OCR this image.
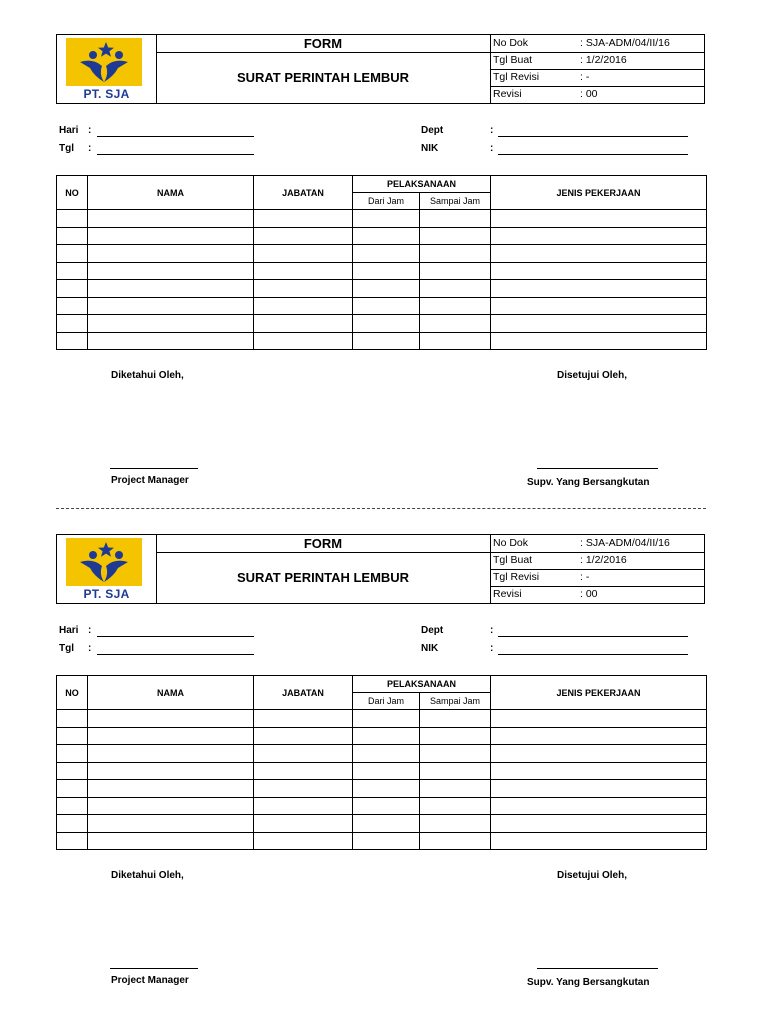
PT. SJA
FORM
SURAT PERINTAH LEMBUR
No Dok	: SJA-ADM/04/II/16
Tgl Buat	: 1/2/2016
Tgl Revisi	: -
Revisi	: 00
Hari :
Tgl :
Dept	:
NIK	:
NO	NAMA	JABATAN	PELAKSANAAN		JENIS PEKERJAAN
			Dari Jam	Sampai Jam	

Diketahui Oleh,	Disetujui Oleh,
Project Manager	Supv. Yang Bersangkutan
PT. SJA
FORM
SURAT PERINTAH LEMBUR
No Dok	: SJA-ADM/04/II/16
Tgl Buat	: 1/2/2016
Tgl Revisi	: -
Revisi	: 00
Hari :
Tgl :
Dept	:
NIK	:
NO	NAMA	JABATAN	PELAKSANAAN		JENIS PEKERJAAN
			Dari Jam	Sampai Jam	

Diketahui Oleh,	Disetujui Oleh,
Project Manager	Supv. Yang Bersangkutan
